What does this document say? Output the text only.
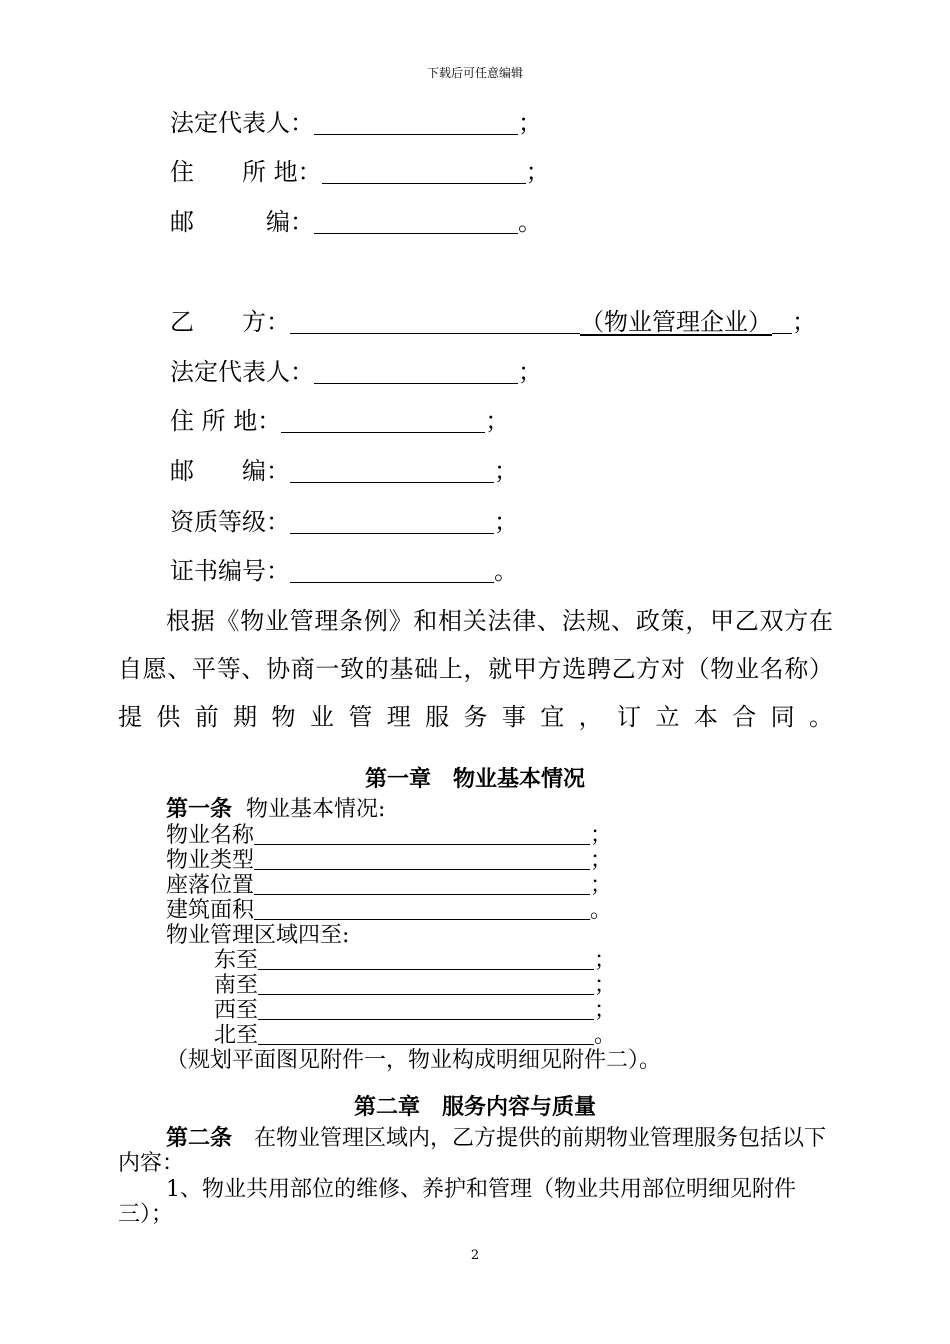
下载后可任意编辑
法定代表人：	；
住　　所 地：	；
邮　　　编：	。
乙　　方：	（物业管理企业） ；
法定代表人：	；
住 所 地：	；
邮　　编：	；
资质等级：	；
证书编号：	。
根据《物业管理条例》和相关法律、法规、政策，甲乙双方在自愿、平等、协商一致的基础上，就甲方选聘乙方对（物业名称）提供前期物业管理服务事宜，订立本合同。
第一章　物业基本情况
第一条 物业基本情况:
物业名称	；
物业类型	；
座落位置	；
建筑面积	。
物业管理区域四至:
东至	；
南至	；
西至	；
北至	。
（规划平面图见附件一，物业构成明细见附件二）。
第二章　服务内容与质量
第二条　在物业管理区域内，乙方提供的前期物业管理服务包括以下内容：
1、物业共用部位的维修、养护和管理（物业共用部位明细见附件三）；
2
